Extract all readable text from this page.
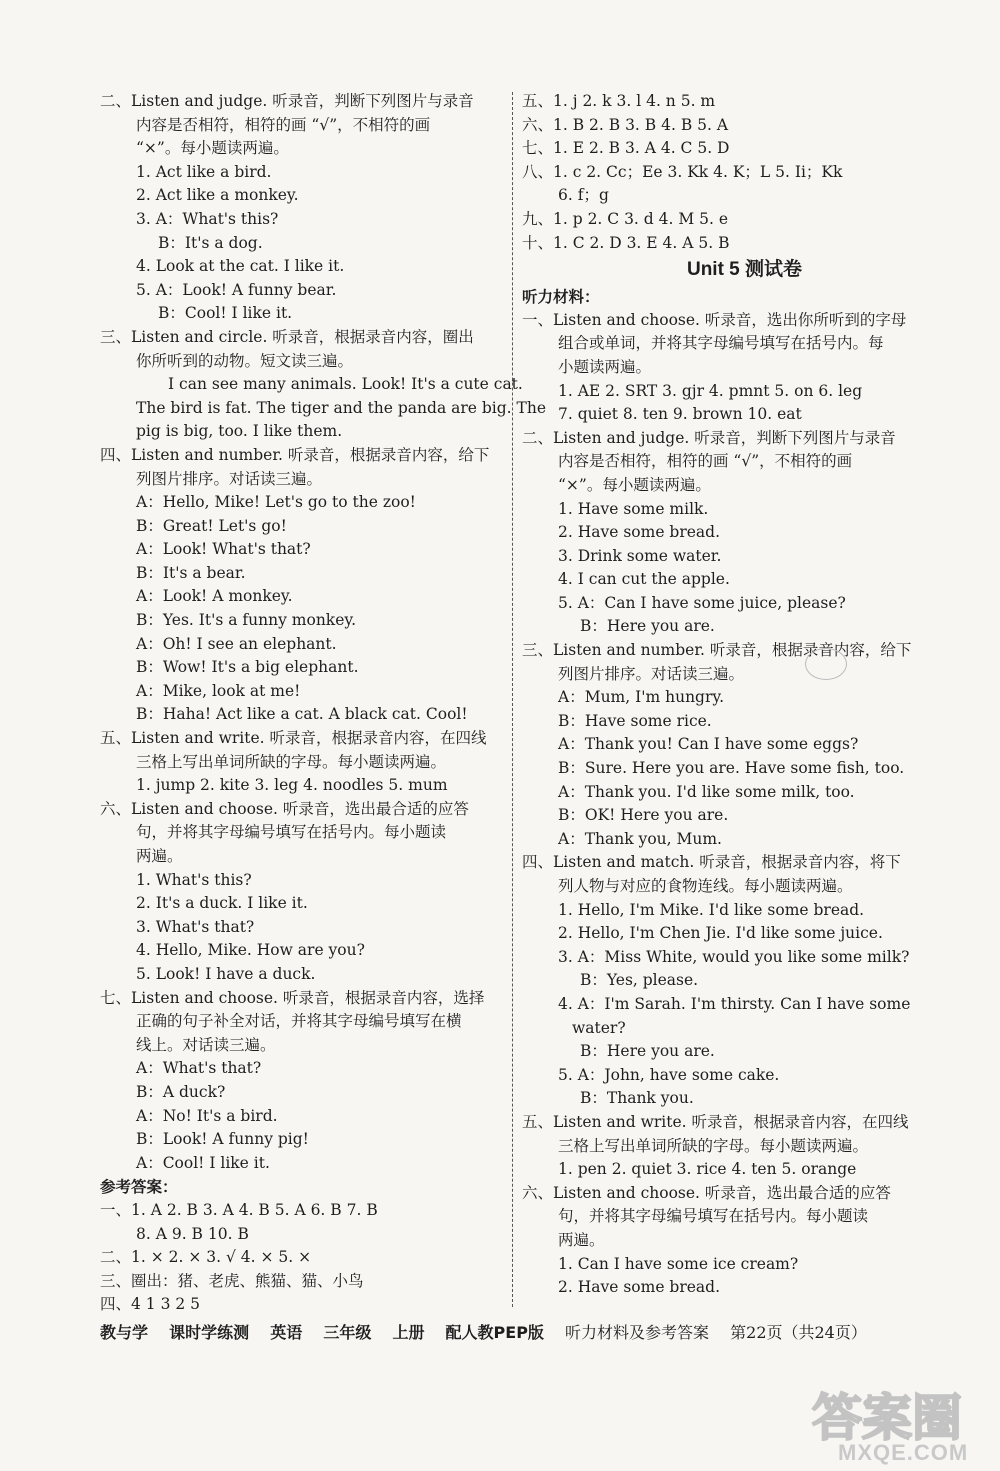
二、Listen and judge. 听录音，判断下列图片与录音
内容是否相符，相符的画 “√”，不相符的画
“×”。每小题读两遍。
1. Act like a bird.
2. Act like a monkey.
3. A：What's this?
B：It's a dog.
4. Look at the cat. I like it.
5. A：Look! A funny bear.
B：Cool! I like it.
三、Listen and circle. 听录音，根据录音内容，圈出
你所听到的动物。短文读三遍。
I can see many animals. Look! It's a cute cat.
The bird is fat. The tiger and the panda are big. The
pig is big, too. I like them.
四、Listen and number. 听录音，根据录音内容，给下
列图片排序。对话读三遍。
A：Hello, Mike! Let's go to the zoo!
B：Great! Let's go!
A：Look! What's that?
B：It's a bear.
A：Look! A monkey.
B：Yes. It's a funny monkey.
A：Oh! I see an elephant.
B：Wow! It's a big elephant.
A：Mike, look at me!
B：Haha! Act like a cat. A black cat. Cool!
五、Listen and write. 听录音，根据录音内容，在四线
三格上写出单词所缺的字母。每小题读两遍。
1. jump 2. kite 3. leg 4. noodles 5. mum
六、Listen and choose. 听录音，选出最合适的应答
句，并将其字母编号填写在括号内。每小题读
两遍。
1. What's this?
2. It's a duck. I like it.
3. What's that?
4. Hello, Mike. How are you?
5. Look! I have a duck.
七、Listen and choose. 听录音，根据录音内容，选择
正确的句子补全对话，并将其字母编号填写在横
线上。对话读三遍。
A：What's that?
B：A duck?
A：No! It's a bird.
B：Look! A funny pig!
A：Cool! I like it.
参考答案：
一、1. A 2. B 3. A 4. B 5. A 6. B 7. B
8. A 9. B 10. B
二、1. × 2. × 3. √ 4. × 5. ×
三、圈出：猪、老虎、熊猫、猫、小鸟
四、4 1 3 2 5
五、1. j 2. k 3. l 4. n 5. m
六、1. B 2. B 3. B 4. B 5. A
七、1. E 2. B 3. A 4. C 5. D
八、1. c 2. Cc；Ee 3. Kk 4. K；L 5. Ii；Kk
6. f；g
九、1. p 2. C 3. d 4. M 5. e
十、1. C 2. D 3. E 4. A 5. B
Unit 5 测试卷
听力材料：
一、Listen and choose. 听录音，选出你所听到的字母
组合或单词，并将其字母编号填写在括号内。每
小题读两遍。
1. AE 2. SRT 3. gjr 4. pmnt 5. on 6. leg
7. quiet 8. ten 9. brown 10. eat
二、Listen and judge. 听录音，判断下列图片与录音
内容是否相符，相符的画 “√”，不相符的画
“×”。每小题读两遍。
1. Have some milk.
2. Have some bread.
3. Drink some water.
4. I can cut the apple.
5. A：Can I have some juice, please?
B：Here you are.
三、Listen and number. 听录音，根据录音内容，给下
列图片排序。对话读三遍。
A：Mum, I'm hungry.
B：Have some rice.
A：Thank you! Can I have some eggs?
B：Sure. Here you are. Have some fish, too.
A：Thank you. I'd like some milk, too.
B：OK! Here you are.
A：Thank you, Mum.
四、Listen and match. 听录音，根据录音内容，将下
列人物与对应的食物连线。每小题读两遍。
1. Hello, I'm Mike. I'd like some bread.
2. Hello, I'm Chen Jie. I'd like some juice.
3. A：Miss White, would you like some milk?
B：Yes, please.
4. A：I'm Sarah. I'm thirsty. Can I have some
water?
B：Here you are.
5. A：John, have some cake.
B：Thank you.
五、Listen and write. 听录音，根据录音内容，在四线
三格上写出单词所缺的字母。每小题读两遍。
1. pen 2. quiet 3. rice 4. ten 5. orange
六、Listen and choose. 听录音，选出最合适的应答
句，并将其字母编号填写在括号内。每小题读
两遍。
1. Can I have some ice cream?
2. Have some bread.
教与学 课时学练测 英语 三年级 上册 配人教PEP版 听力材料及参考答案 第22页（共24页）
答案圈
MXQE.COM
